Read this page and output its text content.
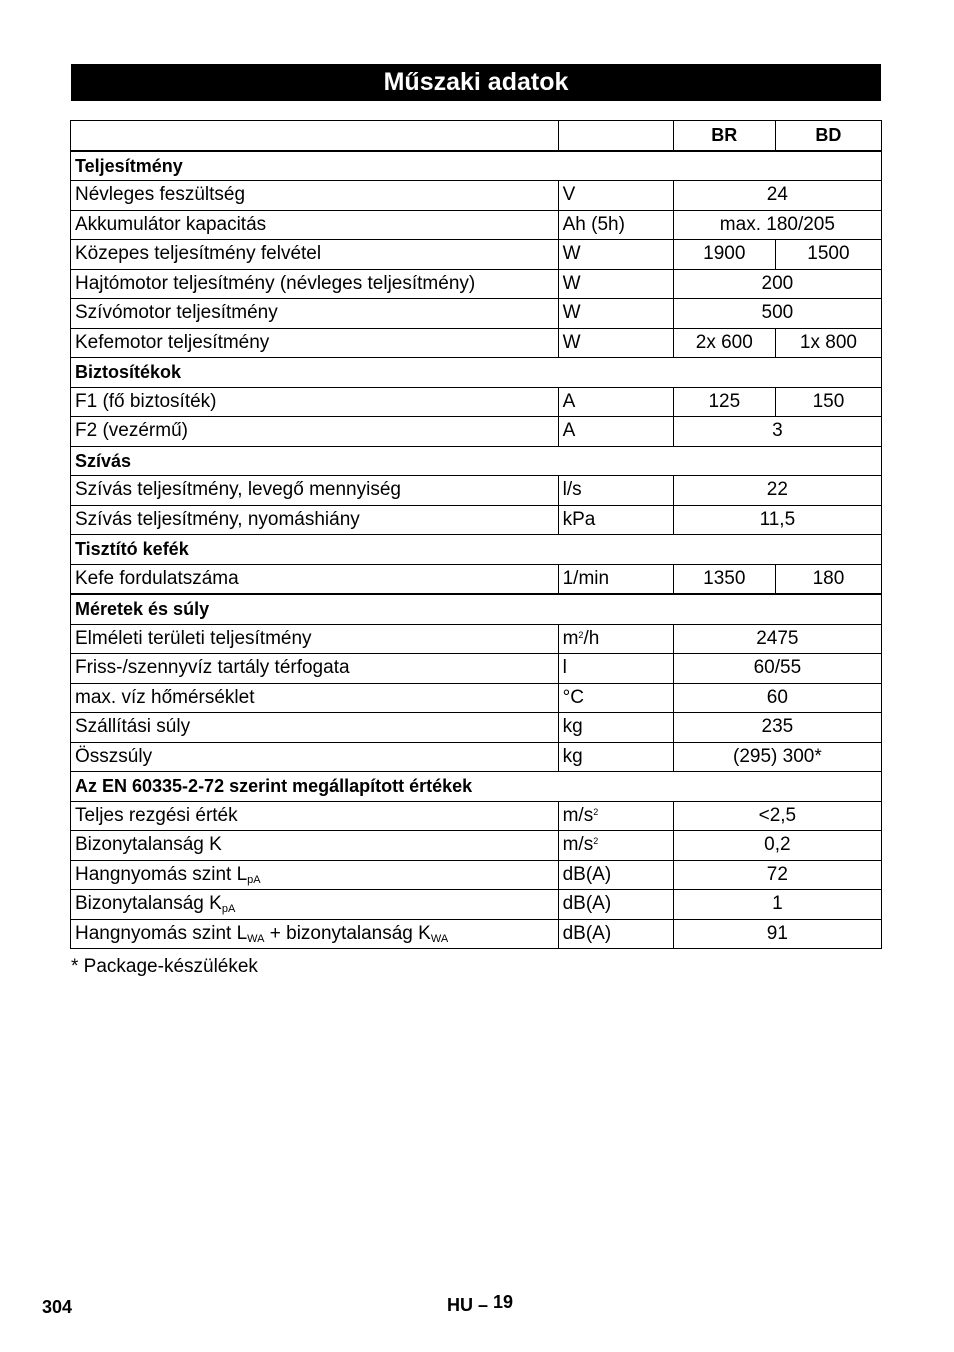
Műszaki adatok
		BR	BD
Teljesítmény			
Névleges feszültség	V	24	
Akkumulátor kapacitás	Ah (5h)	max. 180/205	
Közepes teljesítmény felvétel	W	1900	1500
Hajtómotor teljesítmény (névleges teljesítmény)	W	200	
Szívómotor teljesítmény	W	500	
Kefemotor teljesítmény	W	2x 600	1x 800
Biztosítékok			
F1 (fő biztosíték)	A	125	150
F2 (vezérmű)	A	3	
Szívás			
Szívás teljesítmény, levegő mennyiség	l/s	22	
Szívás teljesítmény, nyomáshiány	kPa	11,5	
Tisztító kefék			
Kefe fordulatszáma	1/min	1350	180
Méretek és súly			
Elméleti területi teljesítmény	$m^2/h$	2475	
Friss-/szennyvíz tartály térfogata	l	60/55	
max. víz hőmérséklet	°C	60	
Szállítási súly	kg	235	
Összsúly	kg	(295) 300*	
Az EN 60335-2-72 szerint megállapított értékek			
Teljes rezgési érték	$m/s^2$	<2,5	
Bizonytalanság K	$m/s^2$	0,2	
Hangnyomás szint $L_{pA}$	dB(A)	72	
Bizonytalanság $K_{pA}$	dB(A)	1	
Hangnyomás szint $L_{WA}$ + bizonytalanság $K_{WA}$	dB(A)	91	
* Package-készülékek
304	HU – 19
